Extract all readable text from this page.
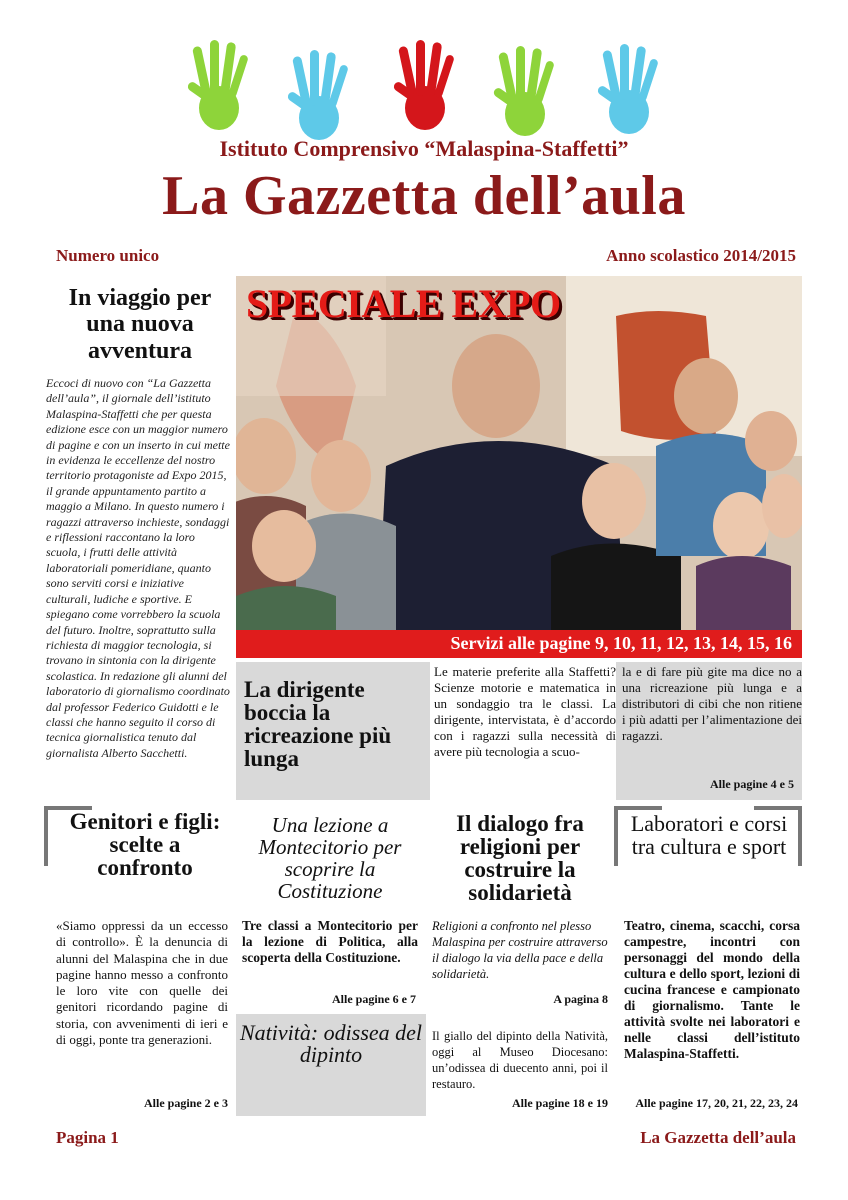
Istituto Comprensivo “Malaspina-Staffetti”
La Gazzetta dell’aula
Numero unico	Anno scolastico 2014/2015
In viaggio per una nuova avventura
Eccoci di nuovo con “La Gazzetta dell’aula”, il giornale dell’istituto Malaspina-Staffetti che per questa edizione esce con un maggior numero di pagine e con un inserto in cui mette in evidenza le eccellenze del nostro territorio protagoniste ad Expo 2015, il grande appuntamento partito a maggio a Milano. In questo numero i ragazzi attraverso inchieste, sondaggi e riflessioni raccontano la loro scuola, i frutti delle attività laboratoriali pomeridiane, quanto sono serviti corsi e iniziative culturali, ludiche e sportive. E spiegano come vorrebbero la scuola del futuro. Inoltre, soprattutto sulla richiesta di maggior tecnologia, si trovano in sintonia con la dirigente scolastica. In redazione gli alunni del laboratorio di giornalismo coordinato dal professor Federico Guidotti e le classi che hanno seguito il corso di tecnica giornalistica tenuto dal giornalista Alberto Sacchetti.
SPECIALE EXPO
Servizi alle pagine 9, 10, 11, 12, 13, 14, 15, 16
La dirigente boccia la ricreazione più lunga
Le materie preferite alla Staffetti? Scienze motorie e matematica in un sondaggio tra le classi. La dirigente, intervistata, è d’accordo con i ragazzi sulla necessità di avere più tecnologia a scuo-
la e di fare più gite ma dice no a una ricreazione più lunga e a distributori di cibi che non ritiene i più adatti per l’alimentazione dei ragazzi.
Alle pagine 4 e 5
Genitori e figli: scelte a confronto
«Siamo oppressi da un eccesso di controllo». È la denuncia di alunni del Malaspina che in due pagine hanno messo a confronto le loro vite con quelle dei genitori ricordando pagine di storia, con avvenimenti di ieri e di oggi, ponte tra generazioni.
Alle pagine 2 e 3
Una lezione a Montecitorio per scoprire la Costituzione
Tre classi a Montecitorio per la lezione di Politica, alla scoperta della Costituzione.
Alle pagine 6 e 7
Natività: odissea del dipinto
Il dialogo fra religioni per costruire la solidarietà
Religioni a confronto nel plesso Malaspina per costruire attraverso il dialogo la via della pace e della solidarietà.
A pagina 8
Il giallo del dipinto della Natività, oggi al Museo Diocesano: un’odissea di duecento anni, poi il restauro.
Alle pagine 18 e 19
Laboratori e corsi tra cultura e sport
Teatro, cinema, scacchi, corsa campestre, incontri con personaggi del mondo della cultura e dello sport, lezioni di cucina francese e campionato di giornalismo. Tante le attività svolte nei laboratori e nelle classi dell’istituto Malaspina-Staffetti.
Alle pagine 17, 20, 21, 22, 23, 24
Pagina 1	La Gazzetta dell’aula
